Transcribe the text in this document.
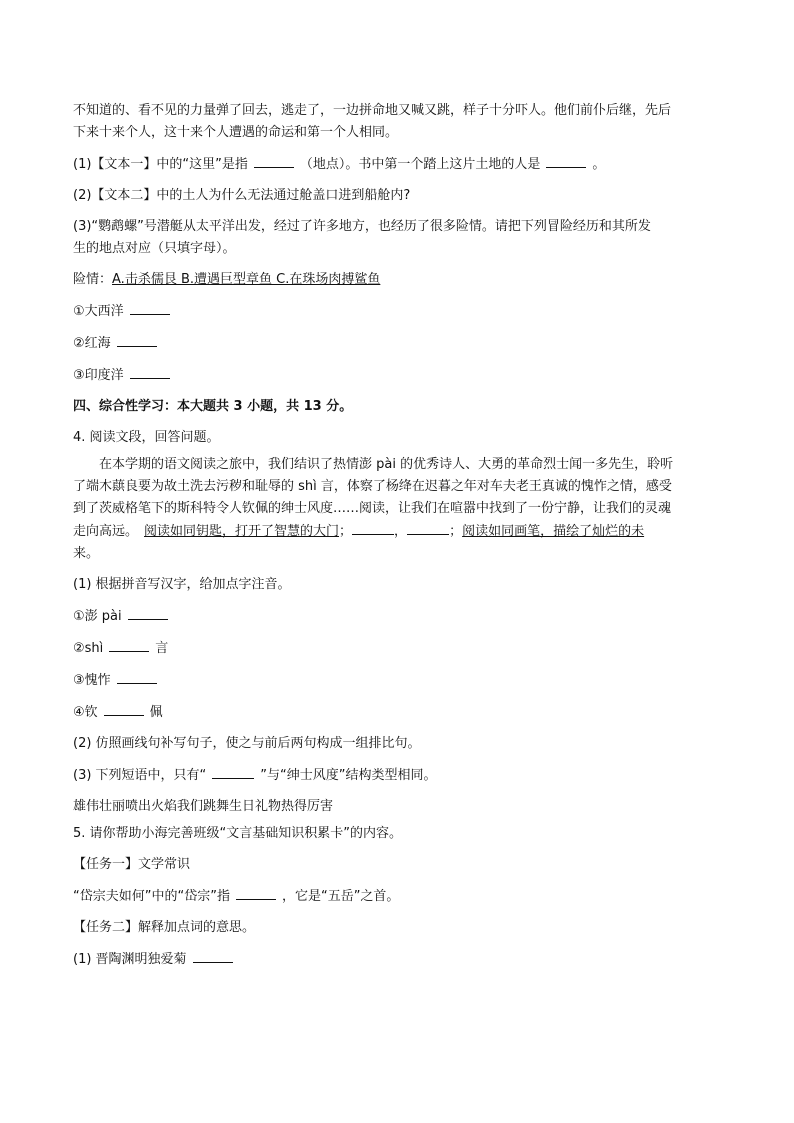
不知道的、看不见的力量弹了回去，逃走了，一边拼命地又喊又跳，样子十分吓人。他们前仆后继，先后

下来十来个人，这十来个人遭遇的命运和第一个人相同。

(1)【文本一】中的“这里”是指	（地点）。书中第一个踏上这片土地的人是	。

(2)【文本二】中的土人为什么无法通过舱盖口进到船舱内?

(3)“鹦鹉螺”号潜艇从太平洋出发，经过了许多地方，也经历了很多险情。请把下列冒险经历和其所发

生的地点对应（只填字母）。

险情：A.击杀儒艮 B.遭遇巨型章鱼 C.在珠场肉搏鲨鱼

①大西洋

②红海

③印度洋

四、综合性学习：本大题共 3 小题，共 13 分。

4. 阅读文段，回答问题。

在本学期的语文阅读之旅中，我们结识了热情澎 pài 的优秀诗人、大勇的革命烈士闻一多先生，聆听

了端木蕻良要为故土洗去污秽和耻辱的 shì 言，体察了杨绛在迟暮之年对车夫老王真诚的愧怍之情，感受

到了茨威格笔下的斯科特令人钦佩的绅士风度……阅读，让我们在喧嚣中找到了一份宁静，让我们的灵魂

走向高远。 阅读如同钥匙，打开了智慧的大门；	，	；阅读如同画笔，描绘了灿烂的未

来。

(1) 根据拼音写汉字，给加点字注音。

①澎 pài

②shì	言

③愧怍

④钦	佩

(2) 仿照画线句补写句子，使之与前后两句构成一组排比句。

(3) 下列短语中，只有“	”与“绅士风度”结构类型相同。

雄伟壮丽喷出火焰我们跳舞生日礼物热得厉害

5. 请你帮助小海完善班级“文言基础知识积累卡”的内容。

【任务一】文学常识

“岱宗夫如何”中的“岱宗”指	，它是“五岳”之首。

【任务二】解释加点词的意思。

(1) 晋陶渊明独爱菊
